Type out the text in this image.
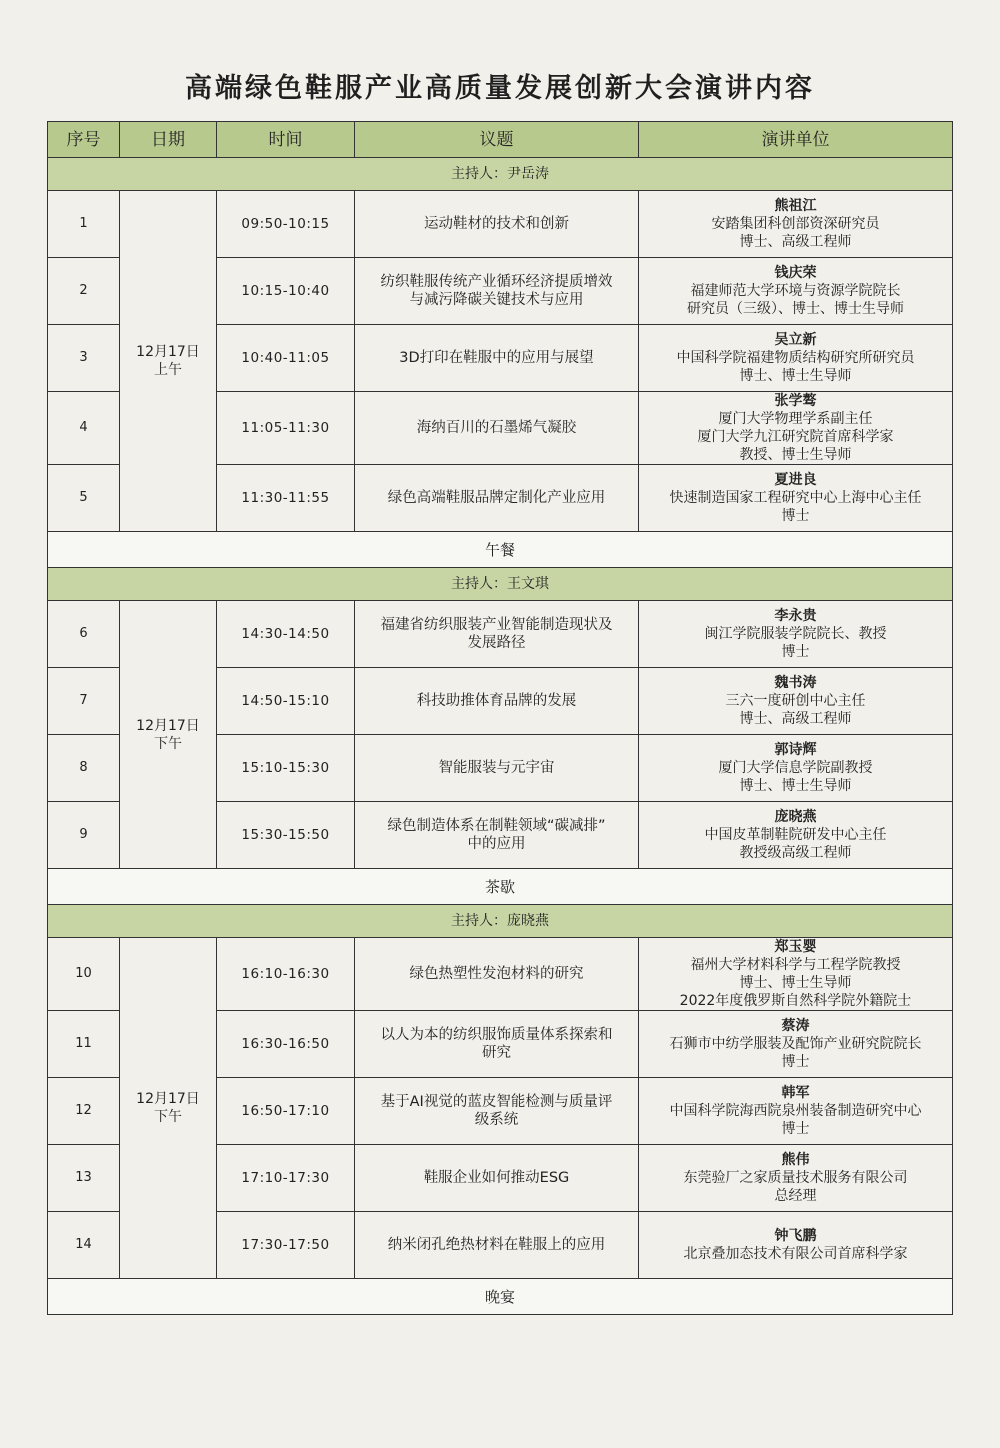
高端绿色鞋服产业高质量发展创新大会演讲内容
序号	日期	时间	议题	演讲单位
主持人：尹岳涛				
1	12月17日
上午	09:50-10:15	运动鞋材的技术和创新	熊祖江
安踏集团科创部资深研究员
博士、高级工程师

2		10:15-10:40	纺织鞋服传统产业循环经济提质增效
与减污降碳关键技术与应用	钱庆荣
福建师范大学环境与资源学院院长
研究员（三级）、博士、博士生导师

3		10:40-11:05	3D打印在鞋服中的应用与展望	吴立新
中国科学院福建物质结构研究所研究员
博士、博士生导师

4		11:05-11:30	海纳百川的石墨烯气凝胶	张学骜
厦门大学物理学系副主任
厦门大学九江研究院首席科学家
教授、博士生导师

5		11:30-11:55	绿色高端鞋服品牌定制化产业应用	夏进良
快速制造国家工程研究中心上海中心主任
博士

午餐				
主持人：王文琪				
6	12月17日
下午	14:30-14:50	福建省纺织服装产业智能制造现状及
发展路径	李永贵
闽江学院服装学院院长、教授
博士

7		14:50-15:10	科技助推体育品牌的发展	魏书涛
三六一度研创中心主任
博士、高级工程师

8		15:10-15:30	智能服装与元宇宙	郭诗辉
厦门大学信息学院副教授
博士、博士生导师

9		15:30-15:50	绿色制造体系在制鞋领域“碳减排”
中的应用	庞晓燕
中国皮革制鞋院研发中心主任
教授级高级工程师

茶歇				
主持人：庞晓燕				
10	12月17日
下午	16:10-16:30	绿色热塑性发泡材料的研究	郑玉婴
福州大学材料科学与工程学院教授
博士、博士生导师
2022年度俄罗斯自然科学院外籍院士

11		16:30-16:50	以人为本的纺织服饰质量体系探索和
研究	蔡涛
石狮市中纺学服装及配饰产业研究院院长
博士

12		16:50-17:10	基于AI视觉的蓝皮智能检测与质量评
级系统	韩军
中国科学院海西院泉州装备制造研究中心
博士

13		17:10-17:30	鞋服企业如何推动ESG	熊伟
东莞验厂之家质量技术服务有限公司
总经理

14		17:30-17:50	纳米闭孔绝热材料在鞋服上的应用	钟飞鹏
北京叠加态技术有限公司首席科学家

晚宴				
